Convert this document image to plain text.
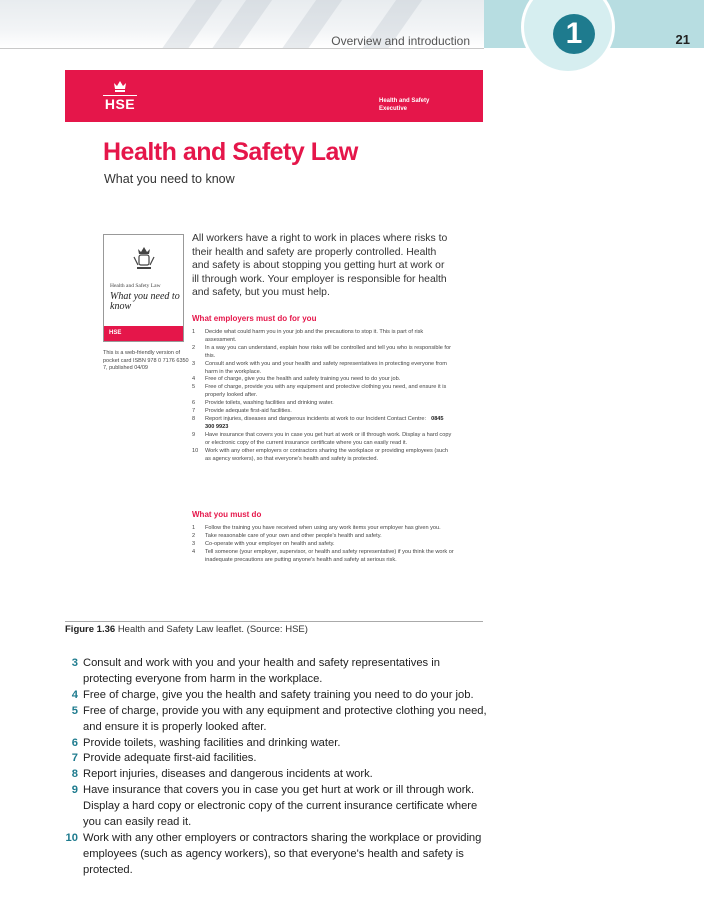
1
Overview and introduction	21
HSE	Health and Safety Executive
Health and Safety Law
What you need to know
Health and Safety Law
What you need to know
HSE
This is a web-friendly version of pocket card ISBN 978 0 7176 6350 7, published 04/09
All workers have a right to work in places where risks to their health and safety are properly controlled. Health and safety is about stopping you getting hurt at work or ill through work. Your employer is responsible for health and safety, but you must help.
What employers must do for you
1	Decide what could harm you in your job and the precautions to stop it. This is part of risk assessment.
2	In a way you can understand, explain how risks will be controlled and tell you who is responsible for this.
3	Consult and work with you and your health and safety representatives in protecting everyone from harm in the workplace.
4	Free of charge, give you the health and safety training you need to do your job.
5	Free of charge, provide you with any equipment and protective clothing you need, and ensure it is properly looked after.
6	Provide toilets, washing facilities and drinking water.
7	Provide adequate first-aid facilities.
8	Report injuries, diseases and dangerous incidents at work to our Incident Contact Centre: 0845 300 9923
9	Have insurance that covers you in case you get hurt at work or ill through work. Display a hard copy or electronic copy of the current insurance certificate where you can easily read it.
10	Work with any other employers or contractors sharing the workplace or providing employees (such as agency workers), so that everyone's health and safety is protected.
What you must do
1	Follow the training you have received when using any work items your employer has given you.
2	Take reasonable care of your own and other people's health and safety.
3	Co-operate with your employer on health and safety.
4	Tell someone (your employer, supervisor, or health and safety representative) if you think the work or inadequate precautions are putting anyone's health and safety at serious risk.
Figure 1.36 Health and Safety Law leaflet. (Source: HSE)
3 Consult and work with you and your health and safety representatives in protecting everyone from harm in the workplace.
4 Free of charge, give you the health and safety training you need to do your job.
5 Free of charge, provide you with any equipment and protective clothing you need, and ensure it is properly looked after.
6 Provide toilets, washing facilities and drinking water.
7 Provide adequate first-aid facilities.
8 Report injuries, diseases and dangerous incidents at work.
9 Have insurance that covers you in case you get hurt at work or ill through work. Display a hard copy or electronic copy of the current insurance certificate where you can easily read it.
10 Work with any other employers or contractors sharing the workplace or providing employees (such as agency workers), so that everyone's health and safety is protected.
